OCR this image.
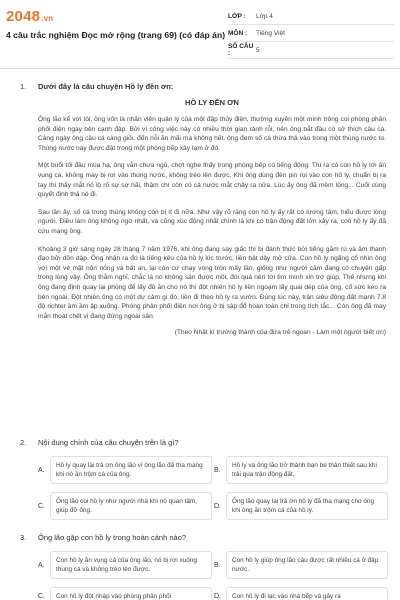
2048.vn
4 câu trắc nghiệm Đọc mở rộng (trang 69) (có đáp án)
LỚP :	Lớp 4
MÔN :	Tiếng Việt
SỐ CÂU :	5
1. Dưới đây là câu chuyện Hồ ly đền ơn:
HỒ LY ĐỀN ƠN

Ông lão kể với tôi, ông vốn là nhân viên quản lý của một đập thủy điện, thường xuyên một mình trông coi phòng phân phối điện ngay bên cạnh đập. Bởi vì công việc này có nhiều thời gian rảnh rỗi, nên ông bắt đầu có sở thích câu cá. Càng ngày ông câu cá càng giỏi, đến nỗi ăn mãi mà không hết, ông đem số cá thừa thả vào trong một thùng nước to. Thùng nước này được đặt trong một phòng bếp xây tạm ở đó.

Một buổi tối đầu mùa hạ, ông vẫn chưa ngủ, chợt nghe thấy trong phòng bếp có tiếng động. Thì ra có con hồ ly tới ăn vụng cá, không may bị rơi vào thùng nước, không trèo lên được. Khi ông dùng đèn pin rọi vào con hồ ly, chuẩn bị ra tay thì thấy mắt nó lộ rõ sự sợ hãi, thậm chí còn có cả nước mắt chảy ra nữa. Lúc ấy ông đã mềm lòng... Cuối cùng quyết định thả nó đi.

Sau lần ấy, số cá trong thùng không còn bị ít đi nữa. Như vậy rõ ràng con hồ ly ấy rất có lương tâm, hiểu được lòng người. Điều làm ông không ngờ nhất, và cũng xúc động nhất chính là khi có trận động đất lớn xảy ra, con hồ ly ấy đã cứu mạng ông.

Khoảng 3 giờ sáng ngày 28 tháng 7 năm 1976, khi ông đang say giấc thì bị đánh thức bởi tiếng gầm rú và âm thanh đạo bởi dồn dập. Ông nhận ra đó là tiếng kêu của hồ ly lúc trước, liền bật dậy mở cửa. Con hồ ly ngẩng cổ nhìn ông với một vẻ mặt nôn nóng và bất an, lại còn cứ chạy vòng tròn mấy lần, giống như người cảm đang có chuyện gấp trong lòng vậy. Ông thắm nghĩ, chắc là nó không sản được mồi, đói quá nên tới tìm mình xin trợ giúp. Thế nhưng khi ông đang định quay lại phòng để lấy đồ ăn cho nó thì đột nhiên hồ ly liền ngoạm lấy quai dép của ông, cố sức kéo ra bên ngoài. Đột nhiên ông có một dự cảm gì đó, liền đi theo hồ ly ra vườn. Đúng lúc này, trận siêu động đất mạnh 7.8 độ richter ầm ầm ập xuống. Phòng phân phối điện nơi ông ở bị sập đổ hoàn toàn chỉ trong tích tắc... Còn ông đã may mắn thoát chết vì đang đứng ngoài sân.

(Theo Nhật kí trưởng thành của đứa trẻ ngoan - Làm một người biết ơn)
2. Nội dung chính của câu chuyện trên là gì?
A.
Hồ ly quay lại trả ơn ông lão vì ông lão đã tha mạng khi nó ăn trộm cá của ông.
B.
Hồ ly và ông lão trở thành bạn bè thân thiết sau khi trải qua trận động đất.
C.
Ông lão coi hồ ly như người nhà khi nó quan tâm, giúp đỡ ông.
D.
Ông lão quay lại trả ơn hồ ly đã tha mạng cho ông khi ông ăn trộm cá của hồ ly.
3. Ông lão gặp con hồ ly trong hoàn cảnh nào?
A.
Con hồ ly ăn vụng cá của ông lão, nó bị rơi xuống thùng cá và không trèo lên được.
B.
Con hồ ly giúp ông lão câu được rất nhiều cá ở đập nước.
C.	Con hồ ly đột nhập vào phòng phân phối	D.	Con hồ ly đi lạc vào nhà bếp và gây ra
